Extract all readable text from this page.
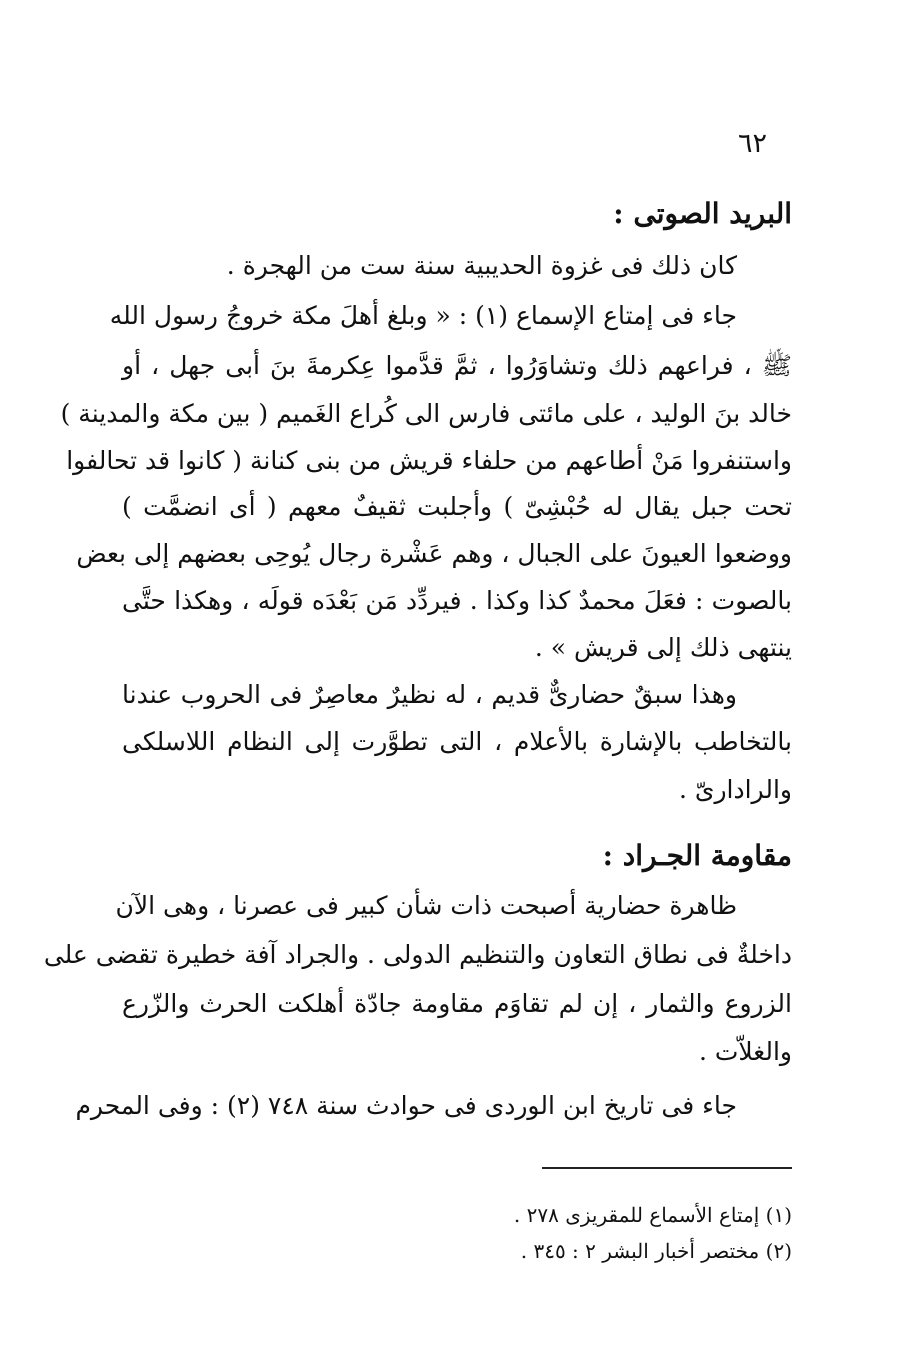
٦٢
البريد الصوتى :
كان ذلك فى غزوة الحديبية سنة ست من الهجرة .
جاء فى إمتاع الإسماع (١) : « وبلغ أهلَ مكة خروجُ رسول الله
ﷺ ، فراعهم ذلك وتشاوَرُوا ، ثمَّ قدَّموا عِكرمةَ بنَ أبى جهل ، أو
خالد بنَ الوليد ، على مائتى فارس الى كُراع الغَميم ( بين مكة والمدينة )
واستنفروا مَنْ أطاعهم من حلفاء قريش من بنى كنانة ( كانوا قد تحالفوا
تحت جبل يقال له حُبْشِىّ ) وأجلبت ثقيفٌ معهم ( أى انضمَّت )
ووضعوا العيونَ على الجبال ، وهم عَشْرة رجال يُوحِى بعضهم إلى بعض
بالصوت : فعَلَ محمدٌ كذا وكذا . فيردِّد مَن بَعْدَه قولَه ، وهكذا حتَّى
ينتهى ذلك إلى قريش » .
وهذا سبقٌ حضارىٌّ قديم ، له نظيرٌ معاصِرٌ فى الحروب عندنا
بالتخاطب بالإشارة بالأعلام ، التى تطوَّرت إلى النظام اللاسلكى
والرادارىّ .
مقاومة الجـراد :
ظاهرة حضارية أصبحت ذات شأن كبير فى عصرنا ، وهى الآن
داخلةٌ فى نطاق التعاون والتنظيم الدولى . والجراد آفة خطيرة تقضى على
الزروع والثمار ، إن لم تقاوَم مقاومة جادّة أهلكت الحرث والزّرع
والغلاّت .
جاء فى تاريخ ابن الوردى فى حوادث سنة ٧٤٨ (٢) : وفى المحرم
(١) إمتاع الأسماع للمقريزى ٢٧٨ .
(٢) مختصر أخبار البشر ٢ : ٣٤٥ .
